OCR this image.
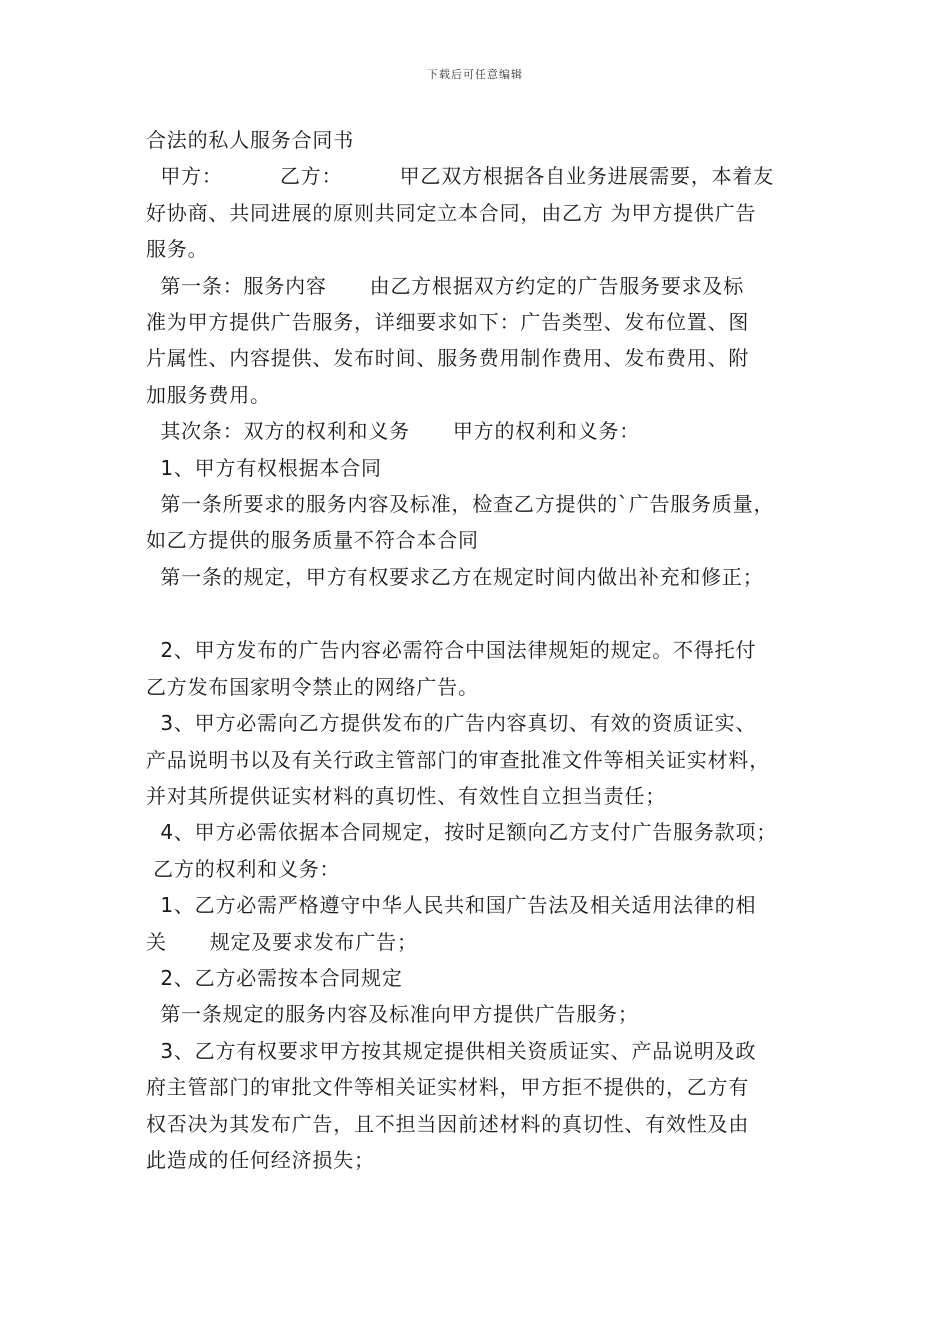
下载后可任意编辑

合法的私人服务合同书

甲方：        乙方：        甲乙双方根据各自业务进展需要，本着友

好协商、共同进展的原则共同定立本合同，由乙方 为甲方提供广告

服务。

第一条：服务内容      由乙方根据双方约定的广告服务要求及标

准为甲方提供广告服务，详细要求如下：广告类型、发布位置、图

片属性、内容提供、发布时间、服务费用制作费用、发布费用、附

加服务费用。

其次条：双方的权利和义务      甲方的权利和义务：

1、甲方有权根据本合同

第一条所要求的服务内容及标准，检查乙方提供的`广告服务质量，

如乙方提供的服务质量不符合本合同

第一条的规定，甲方有权要求乙方在规定时间内做出补充和修正；

2、甲方发布的广告内容必需符合中国法律规矩的规定。不得托付

乙方发布国家明令禁止的网络广告。

3、甲方必需向乙方提供发布的广告内容真切、有效的资质证实、

产品说明书以及有关行政主管部门的审查批准文件等相关证实材料，

并对其所提供证实材料的真切性、有效性自立担当责任；

4、甲方必需依据本合同规定，按时足额向乙方支付广告服务款项；

乙方的权利和义务：

1、乙方必需严格遵守中华人民共和国广告法及相关适用法律的相

关      规定及要求发布广告；

2、乙方必需按本合同规定

第一条规定的服务内容及标准向甲方提供广告服务；

3、乙方有权要求甲方按其规定提供相关资质证实、产品说明及政

府主管部门的审批文件等相关证实材料，甲方拒不提供的，乙方有

权否决为其发布广告，且不担当因前述材料的真切性、有效性及由

此造成的任何经济损失；
